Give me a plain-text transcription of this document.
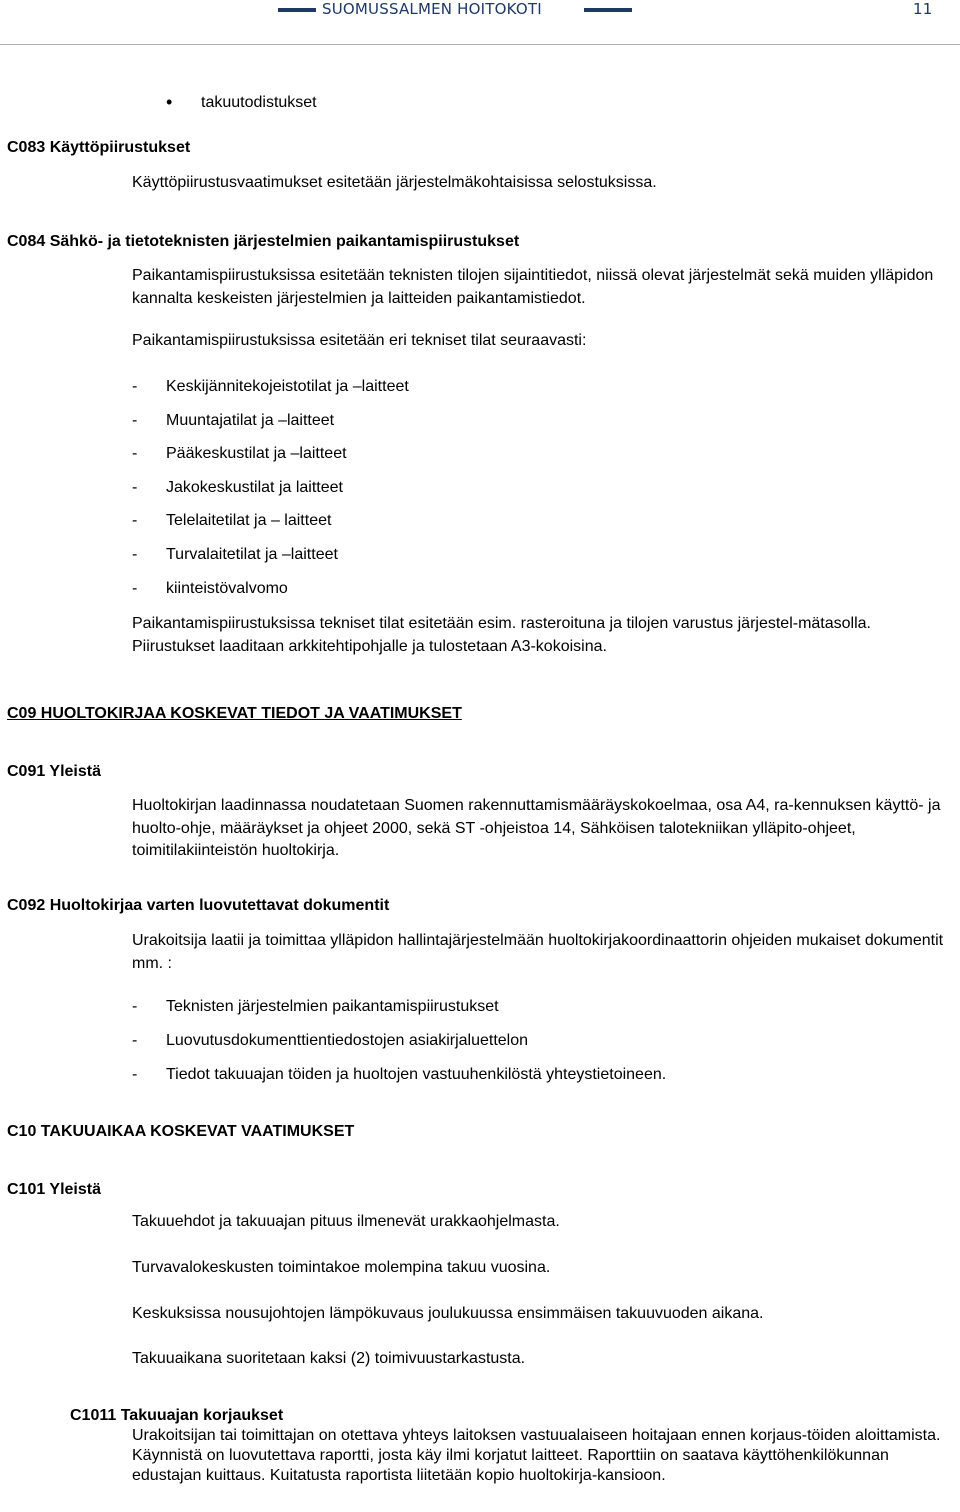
SUOMUSSALMEN HOITOKOTI	11
• takuutodistukset
C083 Käyttöpiirustukset
Käyttöpiirustusvaatimukset esitetään järjestelmäkohtaisissa selostuksissa.
C084 Sähkö- ja tietoteknisten järjestelmien paikantamispiirustukset
Paikantamispiirustuksissa esitetään teknisten tilojen sijaintitiedot, niissä olevat järjestelmät sekä muiden ylläpidon kannalta keskeisten järjestelmien ja laitteiden paikantamistiedot.
Paikantamispiirustuksissa esitetään eri tekniset tilat seuraavasti:
- Keskijännitekojeistotilat ja –laitteet
- Muuntajatilat ja –laitteet
- Pääkeskustilat ja –laitteet
- Jakokeskustilat ja laitteet
- Telelaitetilat ja – laitteet
- Turvalaitetilat ja –laitteet
- kiinteistövalvomo
Paikantamispiirustuksissa tekniset tilat esitetään esim. rasteroituna ja tilojen varustus järjestel-mätasolla. Piirustukset laaditaan arkkitehtipohjalle ja tulostetaan A3-kokoisina.
C09 HUOLTOKIRJAA KOSKEVAT TIEDOT JA VAATIMUKSET
C091 Yleistä
Huoltokirjan laadinnassa noudatetaan Suomen rakennuttamismääräyskokoelmaa, osa A4, ra-kennuksen käyttö- ja huolto-ohje, määräykset ja ohjeet 2000, sekä ST -ohjeistoa 14, Sähköisen talotekniikan ylläpito-ohjeet, toimitilakiinteistön huoltokirja.
C092 Huoltokirjaa varten luovutettavat dokumentit
Urakoitsija laatii ja toimittaa ylläpidon hallintajärjestelmään huoltokirjakoordinaattorin ohjeiden mukaiset dokumentit mm. :
- Teknisten järjestelmien paikantamispiirustukset
- Luovutusdokumenttientiedostojen asiakirjaluettelon
- Tiedot takuuajan töiden ja huoltojen vastuuhenkilöstä yhteystietoineen.
C10 TAKUUAIKAA KOSKEVAT VAATIMUKSET
C101 Yleistä
Takuuehdot ja takuuajan pituus ilmenevät urakkaohjelmasta.
Turvavalokeskusten toimintakoe molempina takuu vuosina.
Keskuksissa nousujohtojen lämpökuvaus joulukuussa ensimmäisen takuuvuoden aikana.
Takuuaikana suoritetaan kaksi (2) toimivuustarkastusta.
C1011 Takuuajan korjaukset
Urakoitsijan tai toimittajan on otettava yhteys laitoksen vastuualaiseen hoitajaan ennen korjaus-töiden aloittamista. Käynnistä on luovutettava raportti, josta käy ilmi korjatut laitteet. Raporttiin on saatava käyttöhenkilökunnan edustajan kuittaus. Kuitatusta raportista liitetään kopio huoltokirja-kansioon.
